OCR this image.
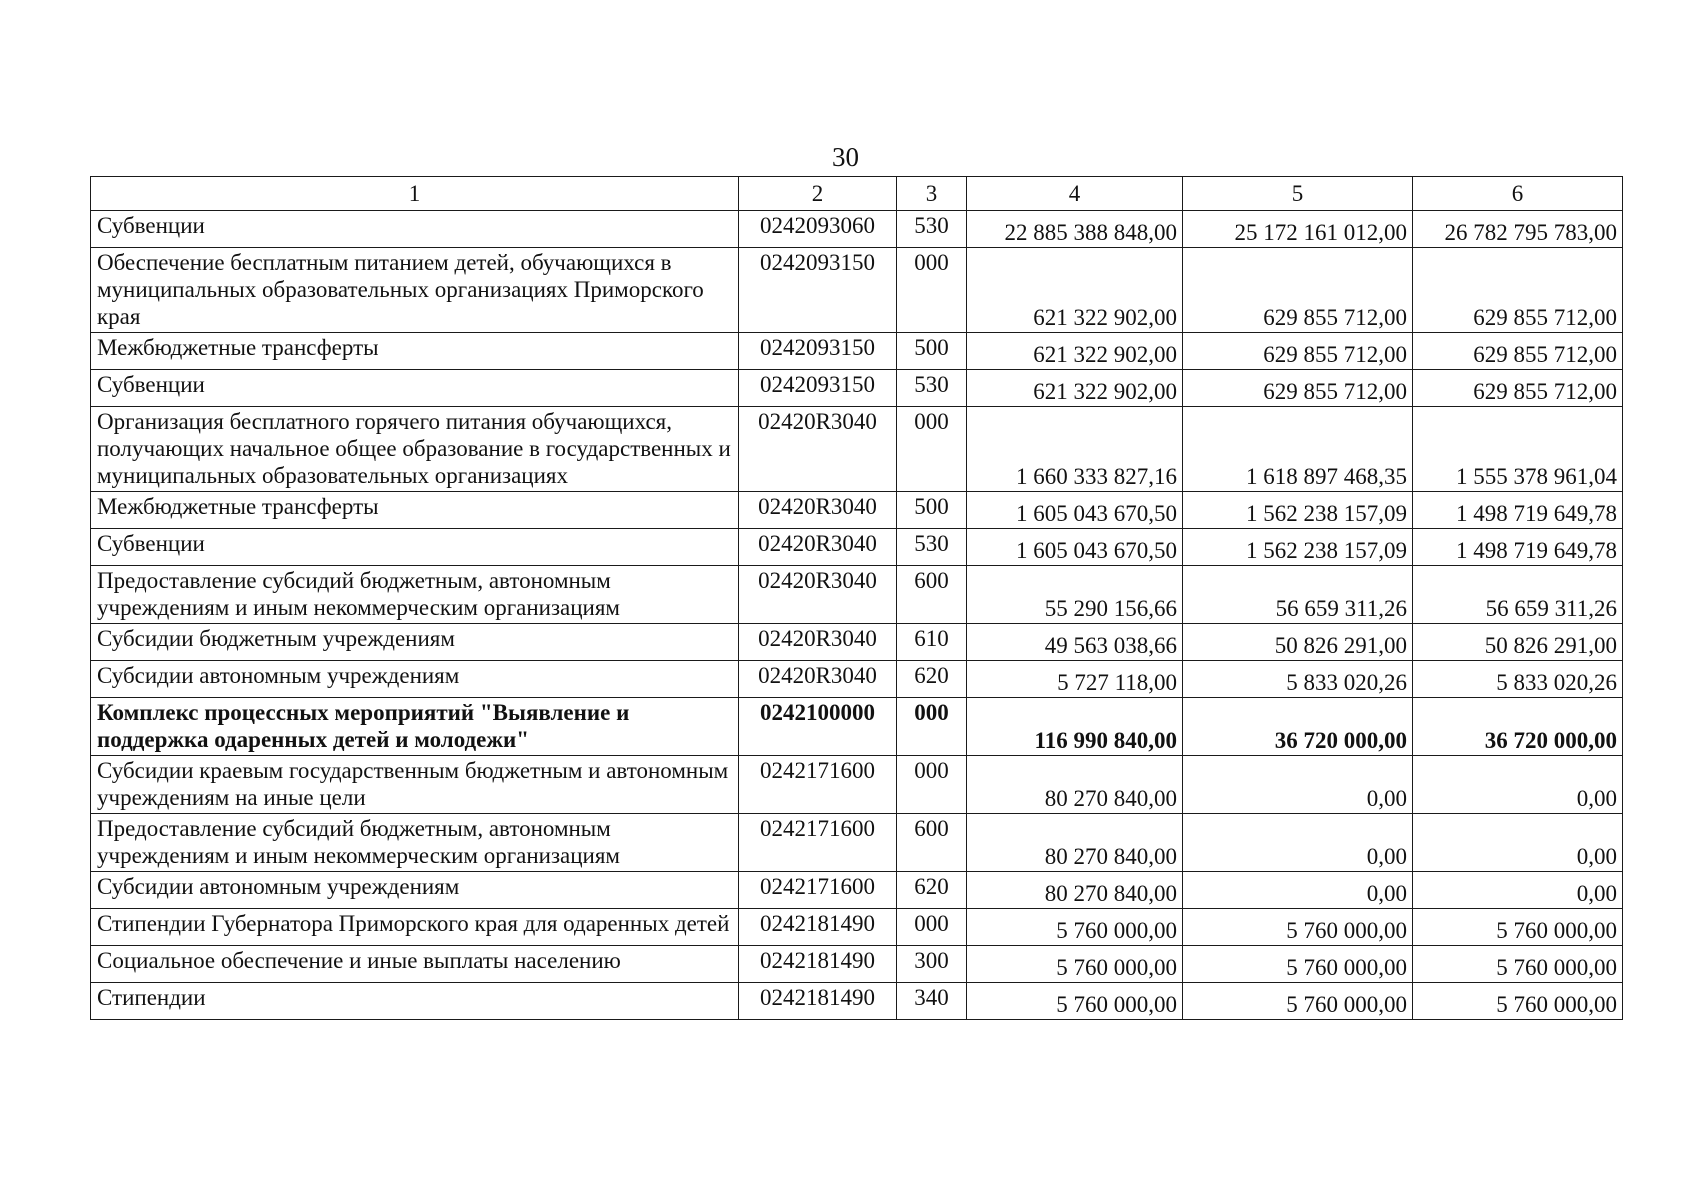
30
1	2	3	4	5	6
Субвенции	0242093060	530	22 885 388 848,00	25 172 161 012,00	26 782 795 783,00
Обеспечение бесплатным питанием детей, обучающихся в муниципальных образовательных организациях Приморского края	0242093150	000	621 322 902,00	629 855 712,00	629 855 712,00
Межбюджетные трансферты	0242093150	500	621 322 902,00	629 855 712,00	629 855 712,00
Субвенции	0242093150	530	621 322 902,00	629 855 712,00	629 855 712,00
Организация бесплатного горячего питания обучающихся, получающих начальное общее образование в государственных и муниципальных образовательных организациях	02420R3040	000	1 660 333 827,16	1 618 897 468,35	1 555 378 961,04
Межбюджетные трансферты	02420R3040	500	1 605 043 670,50	1 562 238 157,09	1 498 719 649,78
Субвенции	02420R3040	530	1 605 043 670,50	1 562 238 157,09	1 498 719 649,78
Предоставление субсидий бюджетным, автономным учреждениям и иным некоммерческим организациям	02420R3040	600	55 290 156,66	56 659 311,26	56 659 311,26
Субсидии бюджетным учреждениям	02420R3040	610	49 563 038,66	50 826 291,00	50 826 291,00
Субсидии автономным учреждениям	02420R3040	620	5 727 118,00	5 833 020,26	5 833 020,26
Комплекс процессных мероприятий "Выявление и поддержка одаренных детей и молодежи"	0242100000	000	116 990 840,00	36 720 000,00	36 720 000,00
Субсидии краевым государственным бюджетным и автономным учреждениям на иные цели	0242171600	000	80 270 840,00	0,00	0,00
Предоставление субсидий бюджетным, автономным учреждениям и иным некоммерческим организациям	0242171600	600	80 270 840,00	0,00	0,00
Субсидии автономным учреждениям	0242171600	620	80 270 840,00	0,00	0,00
Стипендии Губернатора Приморского края для одаренных детей	0242181490	000	5 760 000,00	5 760 000,00	5 760 000,00
Социальное обеспечение и иные выплаты населению	0242181490	300	5 760 000,00	5 760 000,00	5 760 000,00
Стипендии	0242181490	340	5 760 000,00	5 760 000,00	5 760 000,00
